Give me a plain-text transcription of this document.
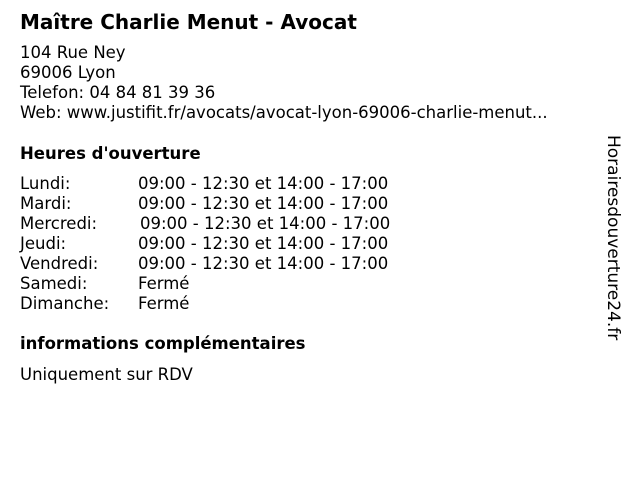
Maître Charlie Menut - Avocat
104 Rue Ney
69006 Lyon
Telefon: 04 84 81 39 36
Web: www.justifit.fr/avocats/avocat-lyon-69006-charlie-menut...
Heures d'ouverture
Lundi:	09:00 - 12:30 et 14:00 - 17:00
Mardi:	09:00 - 12:30 et 14:00 - 17:00
Mercredi:	09:00 - 12:30 et 14:00 - 17:00
Jeudi:	09:00 - 12:30 et 14:00 - 17:00
Vendredi: 09:00 - 12:30 et 14:00 - 17:00
Samedi:	Fermé
Dimanche: Fermé
informations complémentaires
Uniquement sur RDV
Horairesdouverture24.fr
